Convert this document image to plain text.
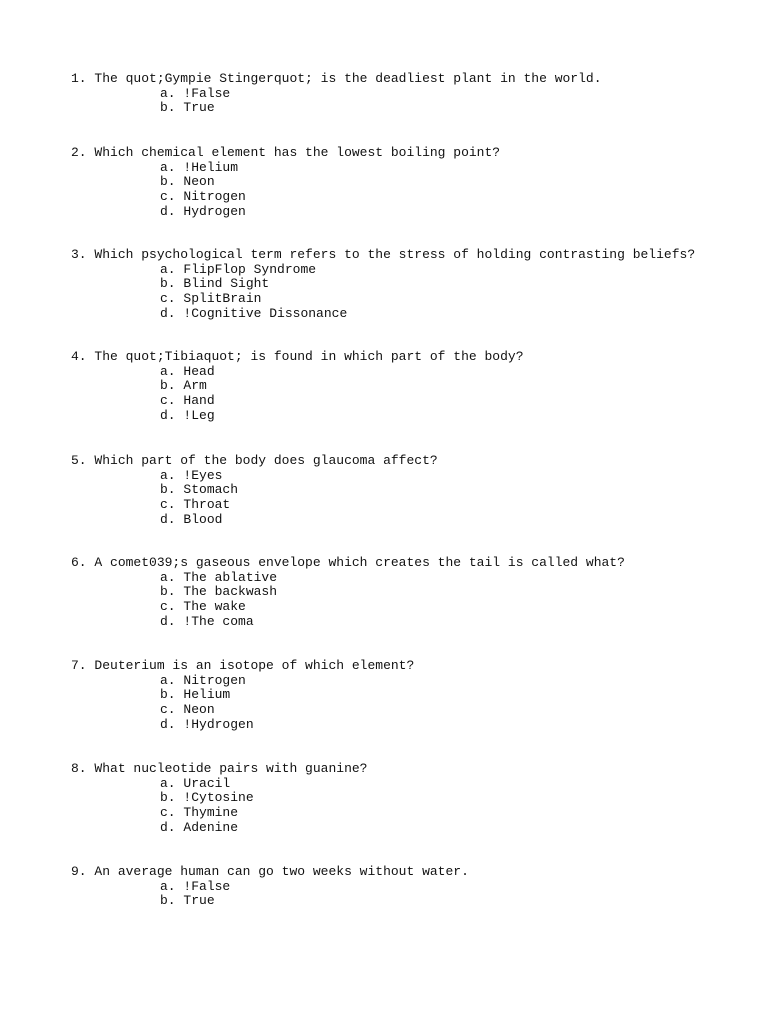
1. The quot;Gympie Stingerquot; is the deadliest plant in the world.
a. !False
b. True
2. Which chemical element has the lowest boiling point?
a. !Helium
b. Neon
c. Nitrogen
d. Hydrogen
3. Which psychological term refers to the stress of holding contrasting beliefs?
a. FlipFlop Syndrome
b. Blind Sight
c. SplitBrain
d. !Cognitive Dissonance
4. The quot;Tibiaquot; is found in which part of the body?
a. Head
b. Arm
c. Hand
d. !Leg
5. Which part of the body does glaucoma affect?
a. !Eyes
b. Stomach
c. Throat
d. Blood
6. A comet039;s gaseous envelope which creates the tail is called what?
a. The ablative
b. The backwash
c. The wake
d. !The coma
7. Deuterium is an isotope of which element?
a. Nitrogen
b. Helium
c. Neon
d. !Hydrogen
8. What nucleotide pairs with guanine?
a. Uracil
b. !Cytosine
c. Thymine
d. Adenine
9. An average human can go two weeks without water.
a. !False
b. True
